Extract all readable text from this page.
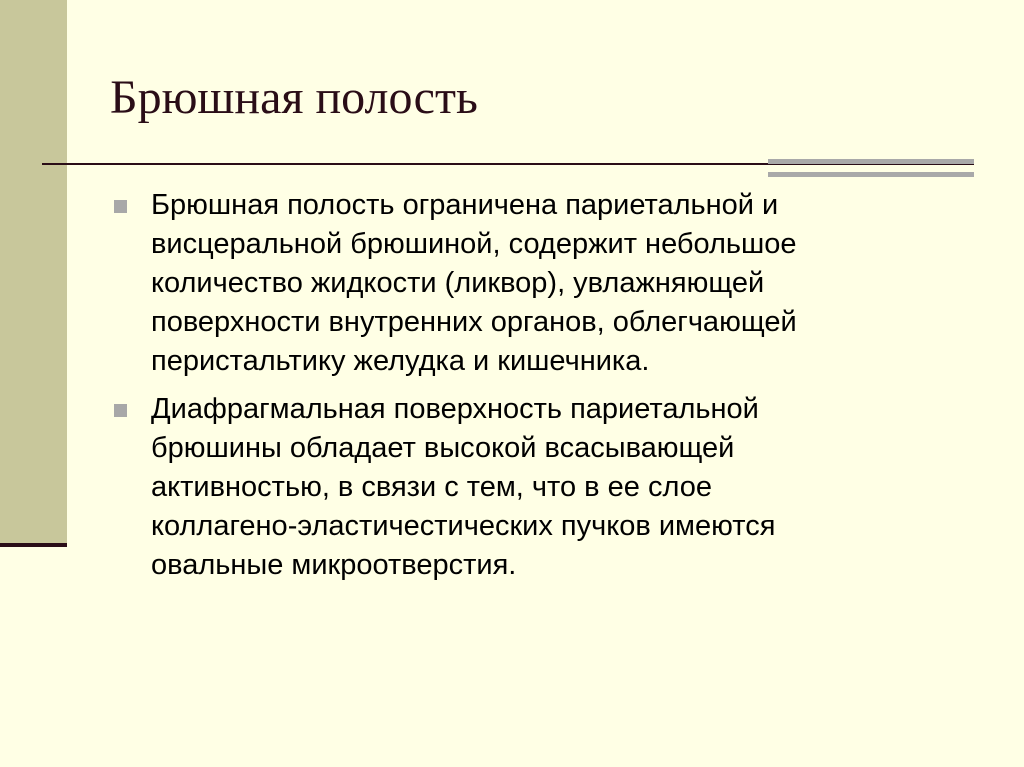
Брюшная полость

Брюшная полость ограничена париетальной и
висцеральной брюшиной, содержит небольшое
количество жидкости (ликвор), увлажняющей
поверхности внутренних органов, облегчающей
перистальтику желудка и кишечника.

Диафрагмальная поверхность париетальной
брюшины обладает высокой всасывающей
активностью, в связи с тем, что в ее слое
коллагено-эластичестических пучков имеются
овальные микроотверстия.
